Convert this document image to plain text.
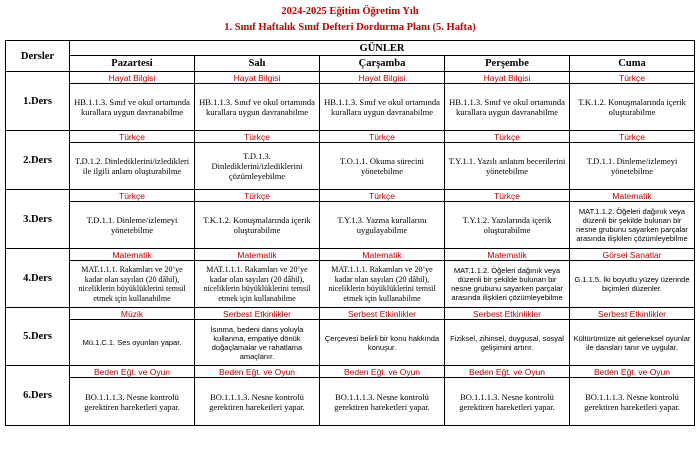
2024-2025 Eğitim Öğretim Yılı
1. Sınıf Haftalık Sınıf Defteri Dordurma Planı (5. Hafta)
Dersler	GÜNLER				
	Pazartesi	Salı	Çarşamba	Perşembe	Cuma
1.Ders	Hayat Bilgisi	Hayat Bilgisi	Hayat Bilgisi	Hayat Bilgisi	Türkçe
	HB.1.1.3. Sınıf ve okul ortamında kurallara uygun davranabilme	HB.1.1.3. Sınıf ve okul ortamında kurallara uygun davranabilme	HB.1.1.3. Sınıf ve okul ortamında kurallara uygun davranabilme	HB.1.1.3. Sınıf ve okul ortamında kurallara uygun davranabilme	T.K.1.2. Konuşmalarında içerik oluşturabilme
2.Ders	Türkçe	Türkçe	Türkçe	Türkçe	Türkçe
	T.D.1.2. Dinlediklerini/izledikleri ile ilgili anlam oluşturabilme	T.D.1.3. Dinlediklerini/izlediklerini çözümleyebilme	T.O.1.1. Okuma sürecini yönetebilme	T.Y.1.1. Yazılı anlatım becerilerini yönetebilme	T.D.1.1. Dinleme/izlemeyi yönetebilme
3.Ders	Türkçe	Türkçe	Türkçe	Türkçe	Matematik
	T.D.1.1. Dinleme/izlemeyi yönetebilme	T.K.1.2. Konuşmalarında içerik oluşturabilme	T.Y.1.3. Yazma kurallarını uygulayabilme	T.Y.1.2. Yazılarında içerik oluşturabilme	MAT.1.1.2. Öğeleri dağınık veya düzenli bir şekilde bulunan bir nesne grubunu sayarken parçalar arasında ilişkileri çözümleyebilme
4.Ders	Matematik	Matematik	Matematik	Matematik	Görsel Sanatlar
	MAT.1.1.1. Rakamları ve 20’ye kadar olan sayıları (20 dâhil), niceliklerin büyüklüklerini temsil etmek için kullanabilme	MAT.1.1.1. Rakamları ve 20’ye kadar olan sayıları (20 dâhil), niceliklerin büyüklüklerini temsil etmek için kullanabilme	MAT.1.1.1. Rakamları ve 20’ye kadar olan sayıları (20 dâhil), niceliklerin büyüklüklerini temsil etmek için kullanabilme	MAT.1.1.2. Öğeleri dağınık veya düzenli bir şekilde bulunan bir nesne grubunu sayarken parçalar arasında ilişkileri çözümleyebilme	G.1.1.5. İki boyutlu yüzey üzerinde biçimleri düzenler.
5.Ders	Müzik	Serbest Etkinlikler	Serbest Etkinlikler	Serbest Etkinlikler	Serbest Etkinlikler
	Mü.1.C.1. Ses oyunları yapar.	İsınma, bedeni dans yoluyla kullanma, empatiye dönük doğaçlamalar ve rahatlama amaçlanır.	Çerçevesi belirli bir konu hakkında konuşur.	Fiziksel, zihinsel, duygusal, sosyal gelişimini artırır.	Kültürümüze ait geleneksel oyunlar ile dansları tanır ve uygular.
6.Ders	Beden Eğt. ve Oyun	Beden Eğt. ve Oyun	Beden Eğt. ve Oyun	Beden Eğt. ve Oyun	Beden Eğt. ve Oyun
	BO.1.1.1.3. Nesne kontrolü gerektiren hareketleri yapar.	BO.1.1.1.3. Nesne kontrolü gerektiren hareketleri yapar.	BO.1.1.1.3. Nesne kontrolü gerektiren hareketleri yapar.	BO.1.1.1.3. Nesne kontrolü gerektiren hareketleri yapar.	BO.1.1.1.3. Nesne kontrolü gerektiren hareketleri yapar.
